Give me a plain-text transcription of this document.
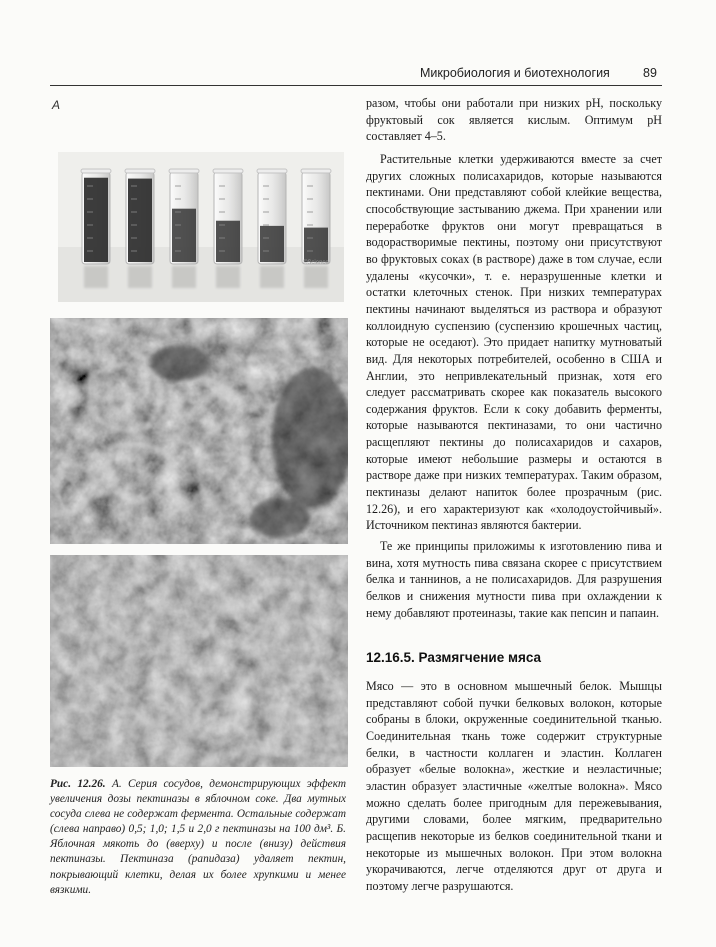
Микробиология и биотехнология	89
А
©Science
Рис. 12.26. А. Серия сосудов, демонстрирующих эффект увеличения дозы пектиназы в яблочном соке. Два мутных сосуда слева не содержат фермента. Остальные содержат (слева направо) 0,5; 1,0; 1,5 и 2,0 г пектиназы на 100 дм³. Б. Яблочная мякоть до (вверху) и после (внизу) действия пектиназы. Пектиназа (рапидаза) удаляет пектин, покрывающий клетки, делая их более хрупкими и менее вязкими.

разом, чтобы они работали при низких рН, поскольку фруктовый сок является кислым. Оптимум рН составляет 4–5.

Растительные клетки удерживаются вместе за счет других сложных полисахаридов, которые называются пектинами. Они представляют собой клейкие вещества, способствующие застыванию джема. При хранении или переработке фруктов они могут превращаться в водорастворимые пектины, поэтому они присутствуют во фруктовых соках (в растворе) даже в том случае, если удалены «кусочки», т. е. неразрушенные клетки и остатки клеточных стенок. При низких температурах пектины начинают выделяться из раствора и образуют коллоидную суспензию (суспензию крошечных частиц, которые не оседают). Это придает напитку мутноватый вид. Для некоторых потребителей, особенно в США и Англии, это непривлекательный признак, хотя его следует рассматривать скорее как показатель высокого содержания фруктов. Если к соку добавить ферменты, которые называются пектиназами, то они частично расщепляют пектины до полисахаридов и сахаров, которые имеют небольшие размеры и остаются в растворе даже при низких температурах. Таким образом, пектиназы делают напиток более прозрачным (рис. 12.26), и его характеризуют как «холодоустойчивый». Источником пектиназ являются бактерии.

Те же принципы приложимы к изготовлению пива и вина, хотя мутность пива связана скорее с присутствием белка и таннинов, а не полисахаридов. Для разрушения белков и снижения мутности пива при охлаждении к нему добавляют протеиназы, такие как пепсин и папаин.

12.16.5. Размягчение мяса

Мясо — это в основном мышечный белок. Мышцы представляют собой пучки белковых волокон, которые собраны в блоки, окруженные соединительной тканью. Соединительная ткань тоже содержит структурные белки, в частности коллаген и эластин. Коллаген образует «белые волокна», жесткие и неэластичные; эластин образует эластичные «желтые волокна». Мясо можно сделать более пригодным для пережевывания, другими словами, более мягким, предварительно расщепив некоторые из белков соединительной ткани и некоторые из мышечных волокон. При этом волокна укорачиваются, легче отделяются друг от друга и поэтому легче разрушаются.
